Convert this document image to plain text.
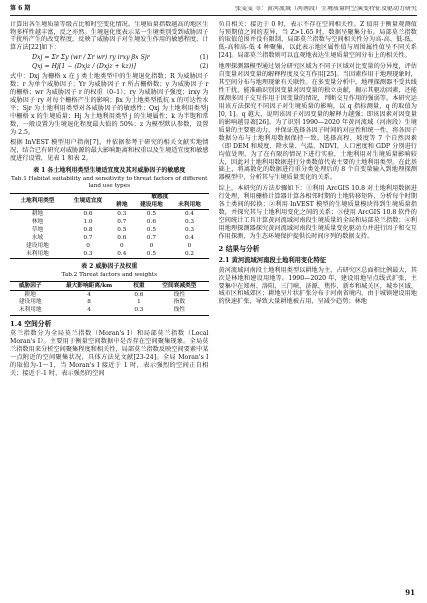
第 6 期	张雯雯 等：黄河流域（河南段）生境质量时空演变特征及驱动力研究

计算出各生境质量等级占比和时空变化情况。生境质量指数越高的地区生物多样性越丰富，反之亦然。生境退化度表示某一生境类别受到威胁因子干扰所产生的改变程度，反映了威胁因子对生境发生作用的敏感程度，计算方法[22]如下：

Dxj = Σr Σy (wr / Σr wr) ry irxy βx Sjr	(1)
Qxj = Hj[1 − (Dxjz / (Dxjz + kz))]	(2)

式中：Dxj 为栅格 x 在 j 类土地类型中的生境退化指数；R 为威胁因子数；r 为单个威胁因子；Yr 为威胁因子 r 所占栅格数；y 为威胁因子 r 的栅格；wr 为威胁因子 r 的权重（0–1）；ry 为威胁因子强度；irxy 为威胁因子 ry 对每个栅格产生的影响；βx 为土地类型抵抗 x 的可达性水平；Sjr 为土地利用类型对各威胁因子的敏感性；Qxj 为土地利用类型j中栅格 x 的生境质量；Hj 为土地利用类型 j 的生境属性；k 为半饱和常数，一般设置为生境退化程度最大值的 50%；z 为模型默认参数，设置为 2.5。

根据 InVEST 模型用户指南[7]，并依据参考于研究的相关文献实地情况，结合已有研究对威胁源的最大影响距离和权重以及生境适宜度和敏感度进行设置，见表 1 和表 2。

表 1 各土地利用类型生境适宜度及其对威胁因子的敏感度
Tab.1 Habitat suitability and sensitivity to threat factors of different land use types
土地利用类型	生境适宜度	敏感度		
		耕地	建设用地	未利用地
耕地	0.6	0.3	0.5	0.4
林地	1.0	0.7	0.6	0.3
草地	0.8	0.5	0.5	0.3
水域	0.7	0.6	0.7	0.4
建设用地	0	0	0	0
未利用地	0.3	0.4	0.5	0.2
表 2 威胁因子及权重
Tab.2 Threat factors and weights
威胁因子	最大影响距离/km	权重	空间衰减类型
耕地	4	0.6	线性
建设用地	8	1	指数
未利用地	4	0.3	线性
1.4 空间分析

莫兰指数分为全局莫兰指数（Moran's I）和局部莫兰指数（Local Moran's I）。主要用于衡量空间数据中是否存在空间聚集现象。全局莫兰指数用来分析空间聚集程度和相关性，局部莫兰指数反映空间要素中某一点附近的空间聚集状况，具体方法见文献[23-24]。全局 Moran's I 的取值为-1～1，当 Moran's I 接近于 1 时，表示强烈的空间正自相关；接近于-1 时，表示强烈的空间

负自相关；接近于 0 时，表示不存在空间相关性。Z 值用于衡量观测值与预期值之间的差异，当 Z>1.65 时，数据呈聚集分布。局部莫兰指数的取值范围并没有限制，局部莫兰指数与空间相关性分为高-高、低-低、低-高和高-低 4 种聚集，以此表示地区属性值与周围属性值呈不同关系[24]。局部莫兰指数则可以直观地表达生境质量空间分布上的相关性。

地理探测器模型通过划分研究区域为不同子区域对比变量的分异度，评估自变量对因变量的解释程度及交互作用[25]。当因素作用于地理现象时，其空间分布与地理现象有关联性。在多变量分析中，地理探测器不受共线性干扰，能准确识别因变量对因变量的独立贡献，揭示其驱动因素，还能探测多因子交互作用于因变量的情况，判断交互作用的强弱等。本研究运用该方法探究不同因子对生境质量的影响，以 q 指标测量，q 的取值为[0, 1]。q 越大，说明该因子对因变量的解释力越强；即该因素对因变量的影响越显著[26]。为了识别 1990—2020 年黄河流域（河南段）生境质量的主要驱动力，并保证选择各因子时间的对应性和统一性，将各因子数据分布与土地利用数据保持一致。选择高程、坡度等 7 个自然因素（即 DEM 和坡度、降水量、气温、NDVI、人口密度和 GDP 分别进行均值处理，为了在有限的情况下进行实验，土地利用对生境质量影响较大，因此对土地利用数据进行分类数值代表主要的土地利用类型。在此基础上，将离散化的数据进行重分类处理后的 8 个自变量输入到地理探测器模型中，分析其与生境质量变化的关系。

综上，本研究的方法步骤如下：①利用 ArcGIS 10.8 对土地利用数据进行处理，利用栅格计算器计算各相邻时期的土地转移矩阵，分析每个时期各土类间的转换；②利用 InVEST 模型的生境质量模块得到生境质量指数，并探究其与土地利用变化之间的关系；③使用 ArcGIS 10.8 软件的空间统计工具计算黄河流域河南段生境质量的全局和局部莫兰指数；④利用地理探测器探究黄河流域河南段生境质量变化驱动力并进行因子和交互作用探测，为生态环境保护提供长时间序列的数据支持。

2 结果与分析
2.1 黄河流域河南段土地利用变化特征

黄河流域河南段土地利用类型以耕地为主，占研究区总面积比例最大，其次是林地和建设用地等。1990—2020 年，建设用地呈点线式扩张，主要集中在郑州、洛阳、三门峡、济源、焦作、新乡和城关区，城乡区域、城市区和城郊区；耕地呈片状扩张分布于河南省境内，由于城镇建设用地的快速扩张，导致大量耕地被占用，呈减少趋势；林地

91
